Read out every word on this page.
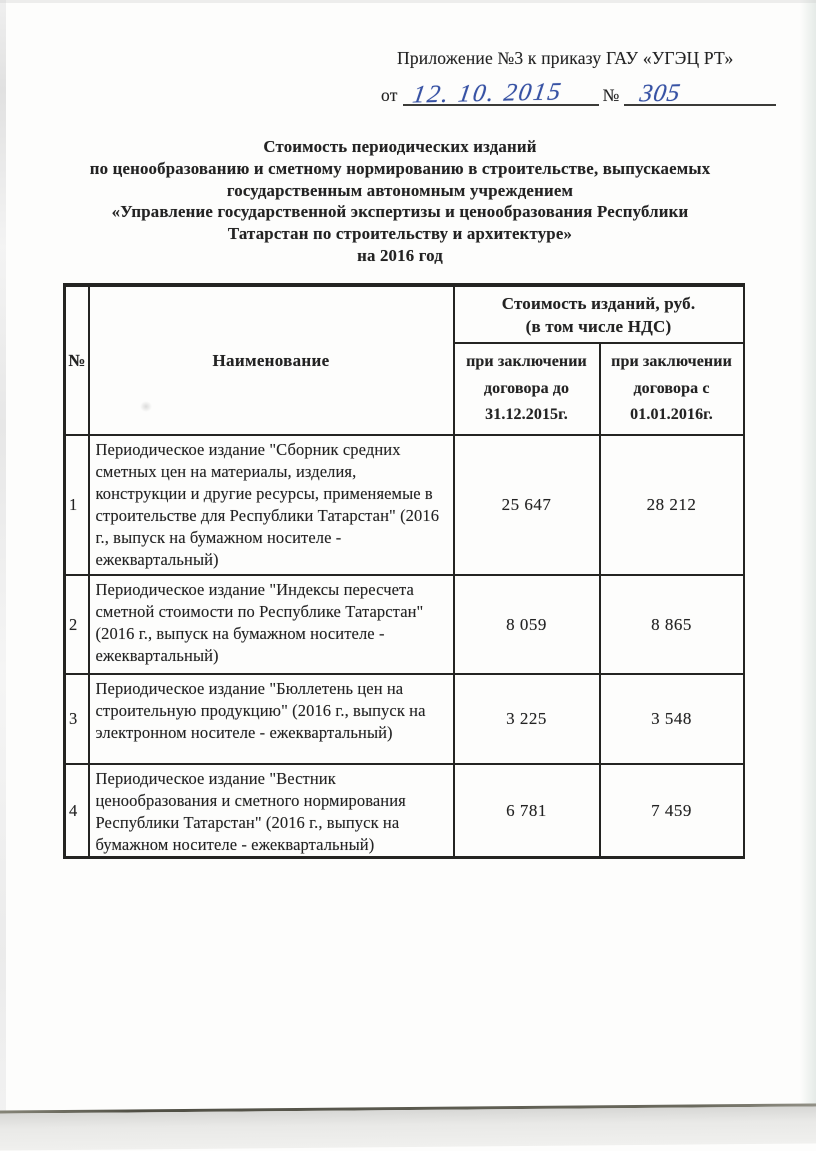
Приложение №3 к приказу ГАУ «УГЭЦ РТ»
от 12. 10. 2015 № 305
Стоимость периодических изданий
по ценообразованию и сметному нормированию в строительстве, выпускаемых
государственным автономным учреждением
«Управление государственной экспертизы и ценообразования Республики
Татарстан по строительству и архитектуре»
на 2016 год
№	Наименование	Стоимость изданий, руб.
(в том числе НДС)	

		при заключении договора до 31.12.2015г.	при заключении договора с 01.01.2016г.
1	Периодическое издание "Сборник средних сметных цен на материалы, изделия, конструкции и другие ресурсы, применяемые в строительстве для Республики Татарстан" (2016 г., выпуск на бумажном носителе - ежеквартальный)	25 647	28 212
2	Периодическое издание "Индексы пересчета сметной стоимости по Республике Татарстан" (2016 г., выпуск на бумажном носителе - ежеквартальный)	8 059	8 865
3	Периодическое издание "Бюллетень цен на строительную продукцию" (2016 г., выпуск на электронном носителе - ежеквартальный)	3 225	3 548
4	Периодическое издание "Вестник ценообразования и сметного нормирования Республики Татарстан" (2016 г., выпуск на бумажном носителе - ежеквартальный)	6 781	7 459
